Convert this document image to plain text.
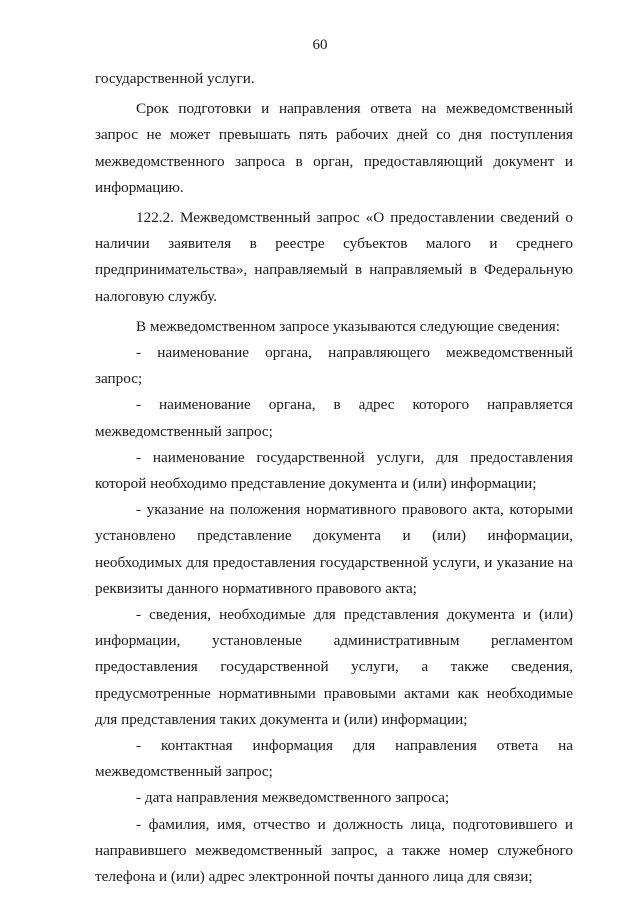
60

государственной услуги.

Срок подготовки и направления ответа на межведомственный запрос не может превышать пять рабочих дней со дня поступления межведомственного запроса в орган, предоставляющий документ и информацию.

122.2. Межведомственный запрос «О предоставлении сведений о наличии заявителя в реестре субъектов малого и среднего предпринимательства», направляемый в направляемый в Федеральную налоговую службу.

В межведомственном запросе указываются следующие сведения:

- наименование органа, направляющего межведомственный запрос;

- наименование органа, в адрес которого направляется межведомственный запрос;

- наименование государственной услуги, для предоставления которой необходимо представление документа и (или) информации;

- указание на положения нормативного правового акта, которыми установлено представление документа и (или) информации, необходимых для предоставления государственной услуги, и указание на реквизиты данного нормативного правового акта;

- сведения, необходимые для представления документа и (или) информации, установленые административным регламентом предоставления государственной услуги, а также сведения, предусмотренные нормативными правовыми актами как необходимые для представления таких документа и (или) информации;

- контактная информация для направления ответа на межведомственный запрос;

- дата направления межведомственного запроса;

- фамилия, имя, отчество и должность лица, подготовившего и направившего межведомственный запрос, а также номер служебного телефона и (или) адрес электронной почты данного лица для связи;
